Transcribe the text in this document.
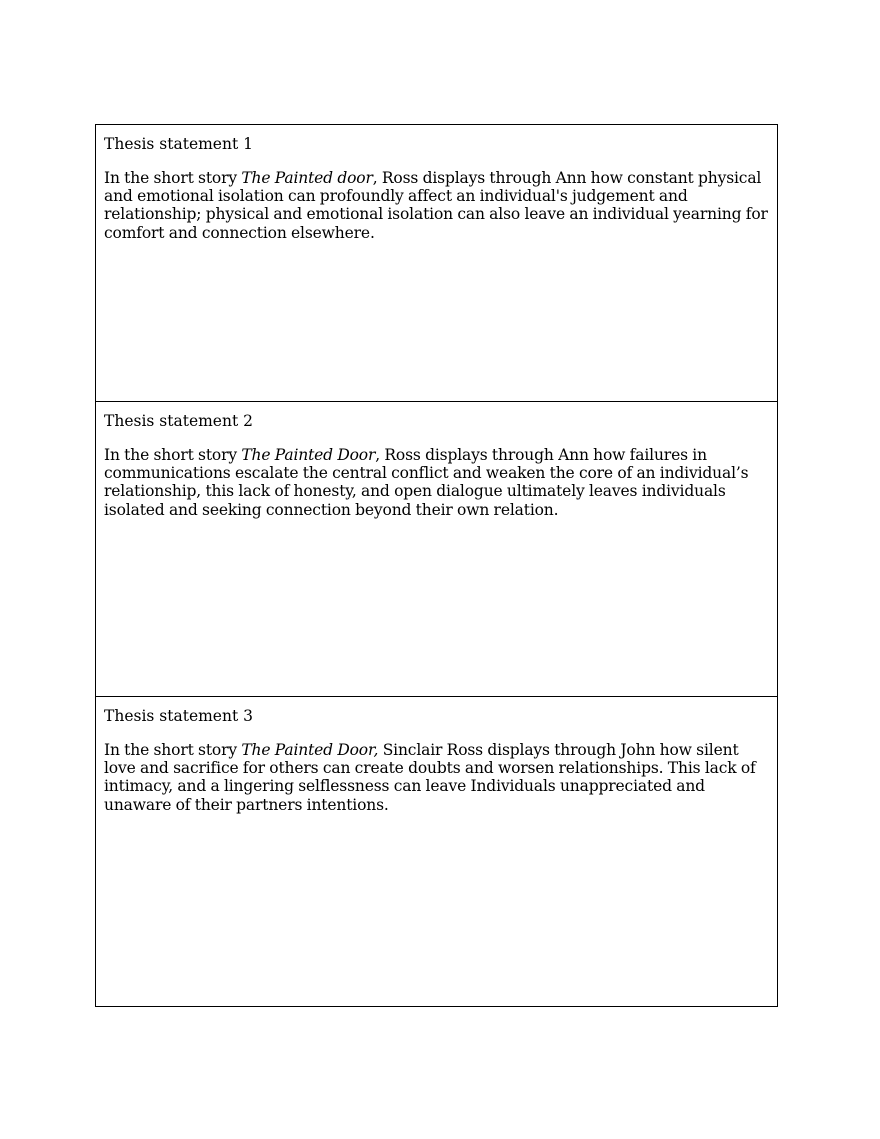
Thesis statement 1

In the short story The Painted door, Ross displays through Ann how constant physical and emotional isolation can profoundly affect an individual's judgement and relationship; physical and emotional isolation can also leave an individual yearning for comfort and connection elsewhere.

Thesis statement 2

In the short story The Painted Door, Ross displays through Ann how failures in communications escalate the central conflict and weaken the core of an individual’s relationship, this lack of honesty, and open dialogue ultimately leaves individuals isolated and seeking connection beyond their own relation.

Thesis statement 3

In the short story The Painted Door, Sinclair Ross displays through John how silent love and sacrifice for others can create doubts and worsen relationships. This lack of intimacy, and a lingering selflessness can leave Individuals unappreciated and unaware of their partners intentions.
